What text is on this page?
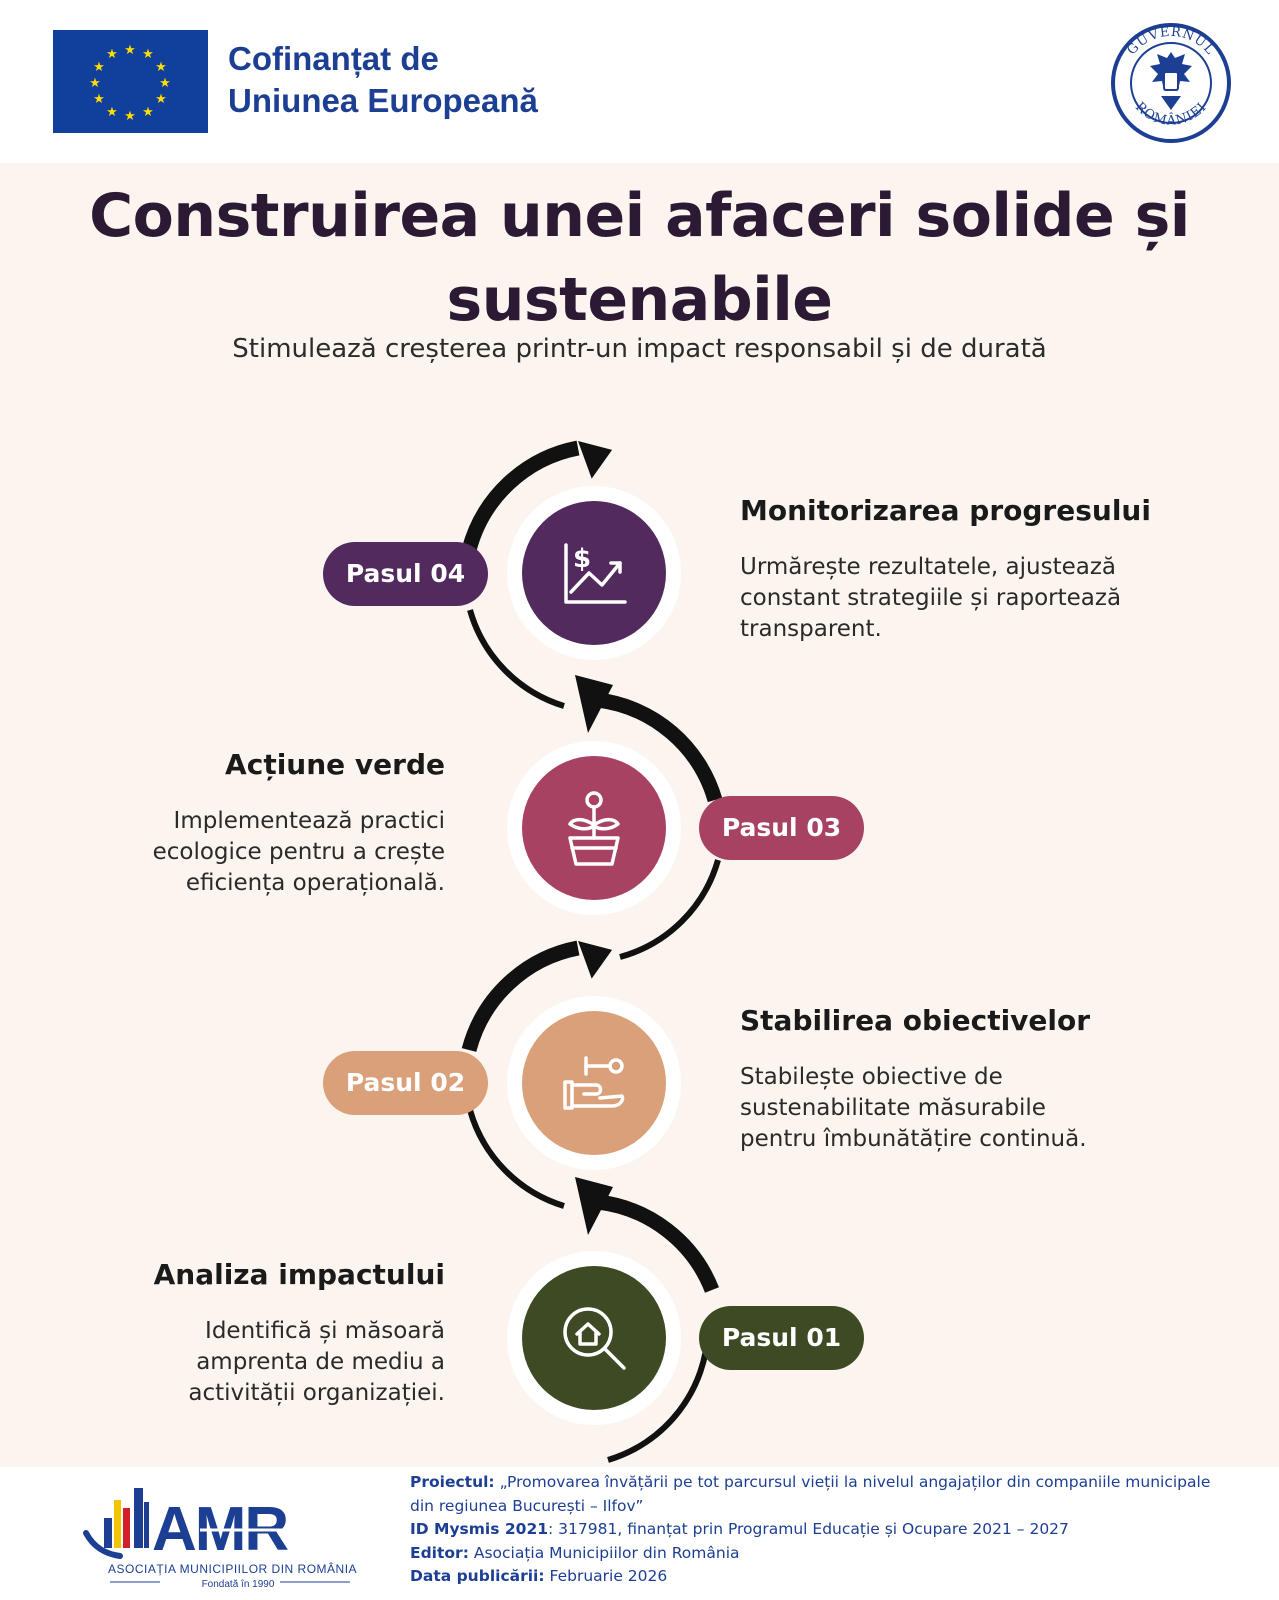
★ ★
★
★
★
★
★
★
★
★
★
★	Cofinanțat de
Uniunea Europeană
GUVERNUL
ROMÂNIEI
Construirea unei afaceri solide și
sustenabile
Stimulează creșterea printr-un impact responsabil și de durată
$
Pasul 04
Pasul 03
Pasul 02
Pasul 01
Monitorizarea progresului
Urmărește rezultatele, ajustează
constant strategiile și raportează
transparent.
Acțiune verde
Implementează practici
ecologice pentru a crește
eficiența operațională.
Stabilirea obiectivelor
Stabilește obiective de
sustenabilitate măsurabile
pentru îmbunătățire continuă.
Analiza impactului
Identifică și măsoară
amprenta de mediu a
activității organizației.
AMR
ASOCIAȚIA MUNICIPIILOR DIN ROMÂNIA
Fondată în 1990
Proiectul: „Promovarea învățării pe tot parcursul vieții la nivelul angajaților din companiile municipale
din regiunea București – Ilfov”
ID Mysmis 2021: 317981, finanțat prin Programul Educație și Ocupare 2021 – 2027
Editor: Asociația Municipiilor din România
Data publicării: Februarie 2026
